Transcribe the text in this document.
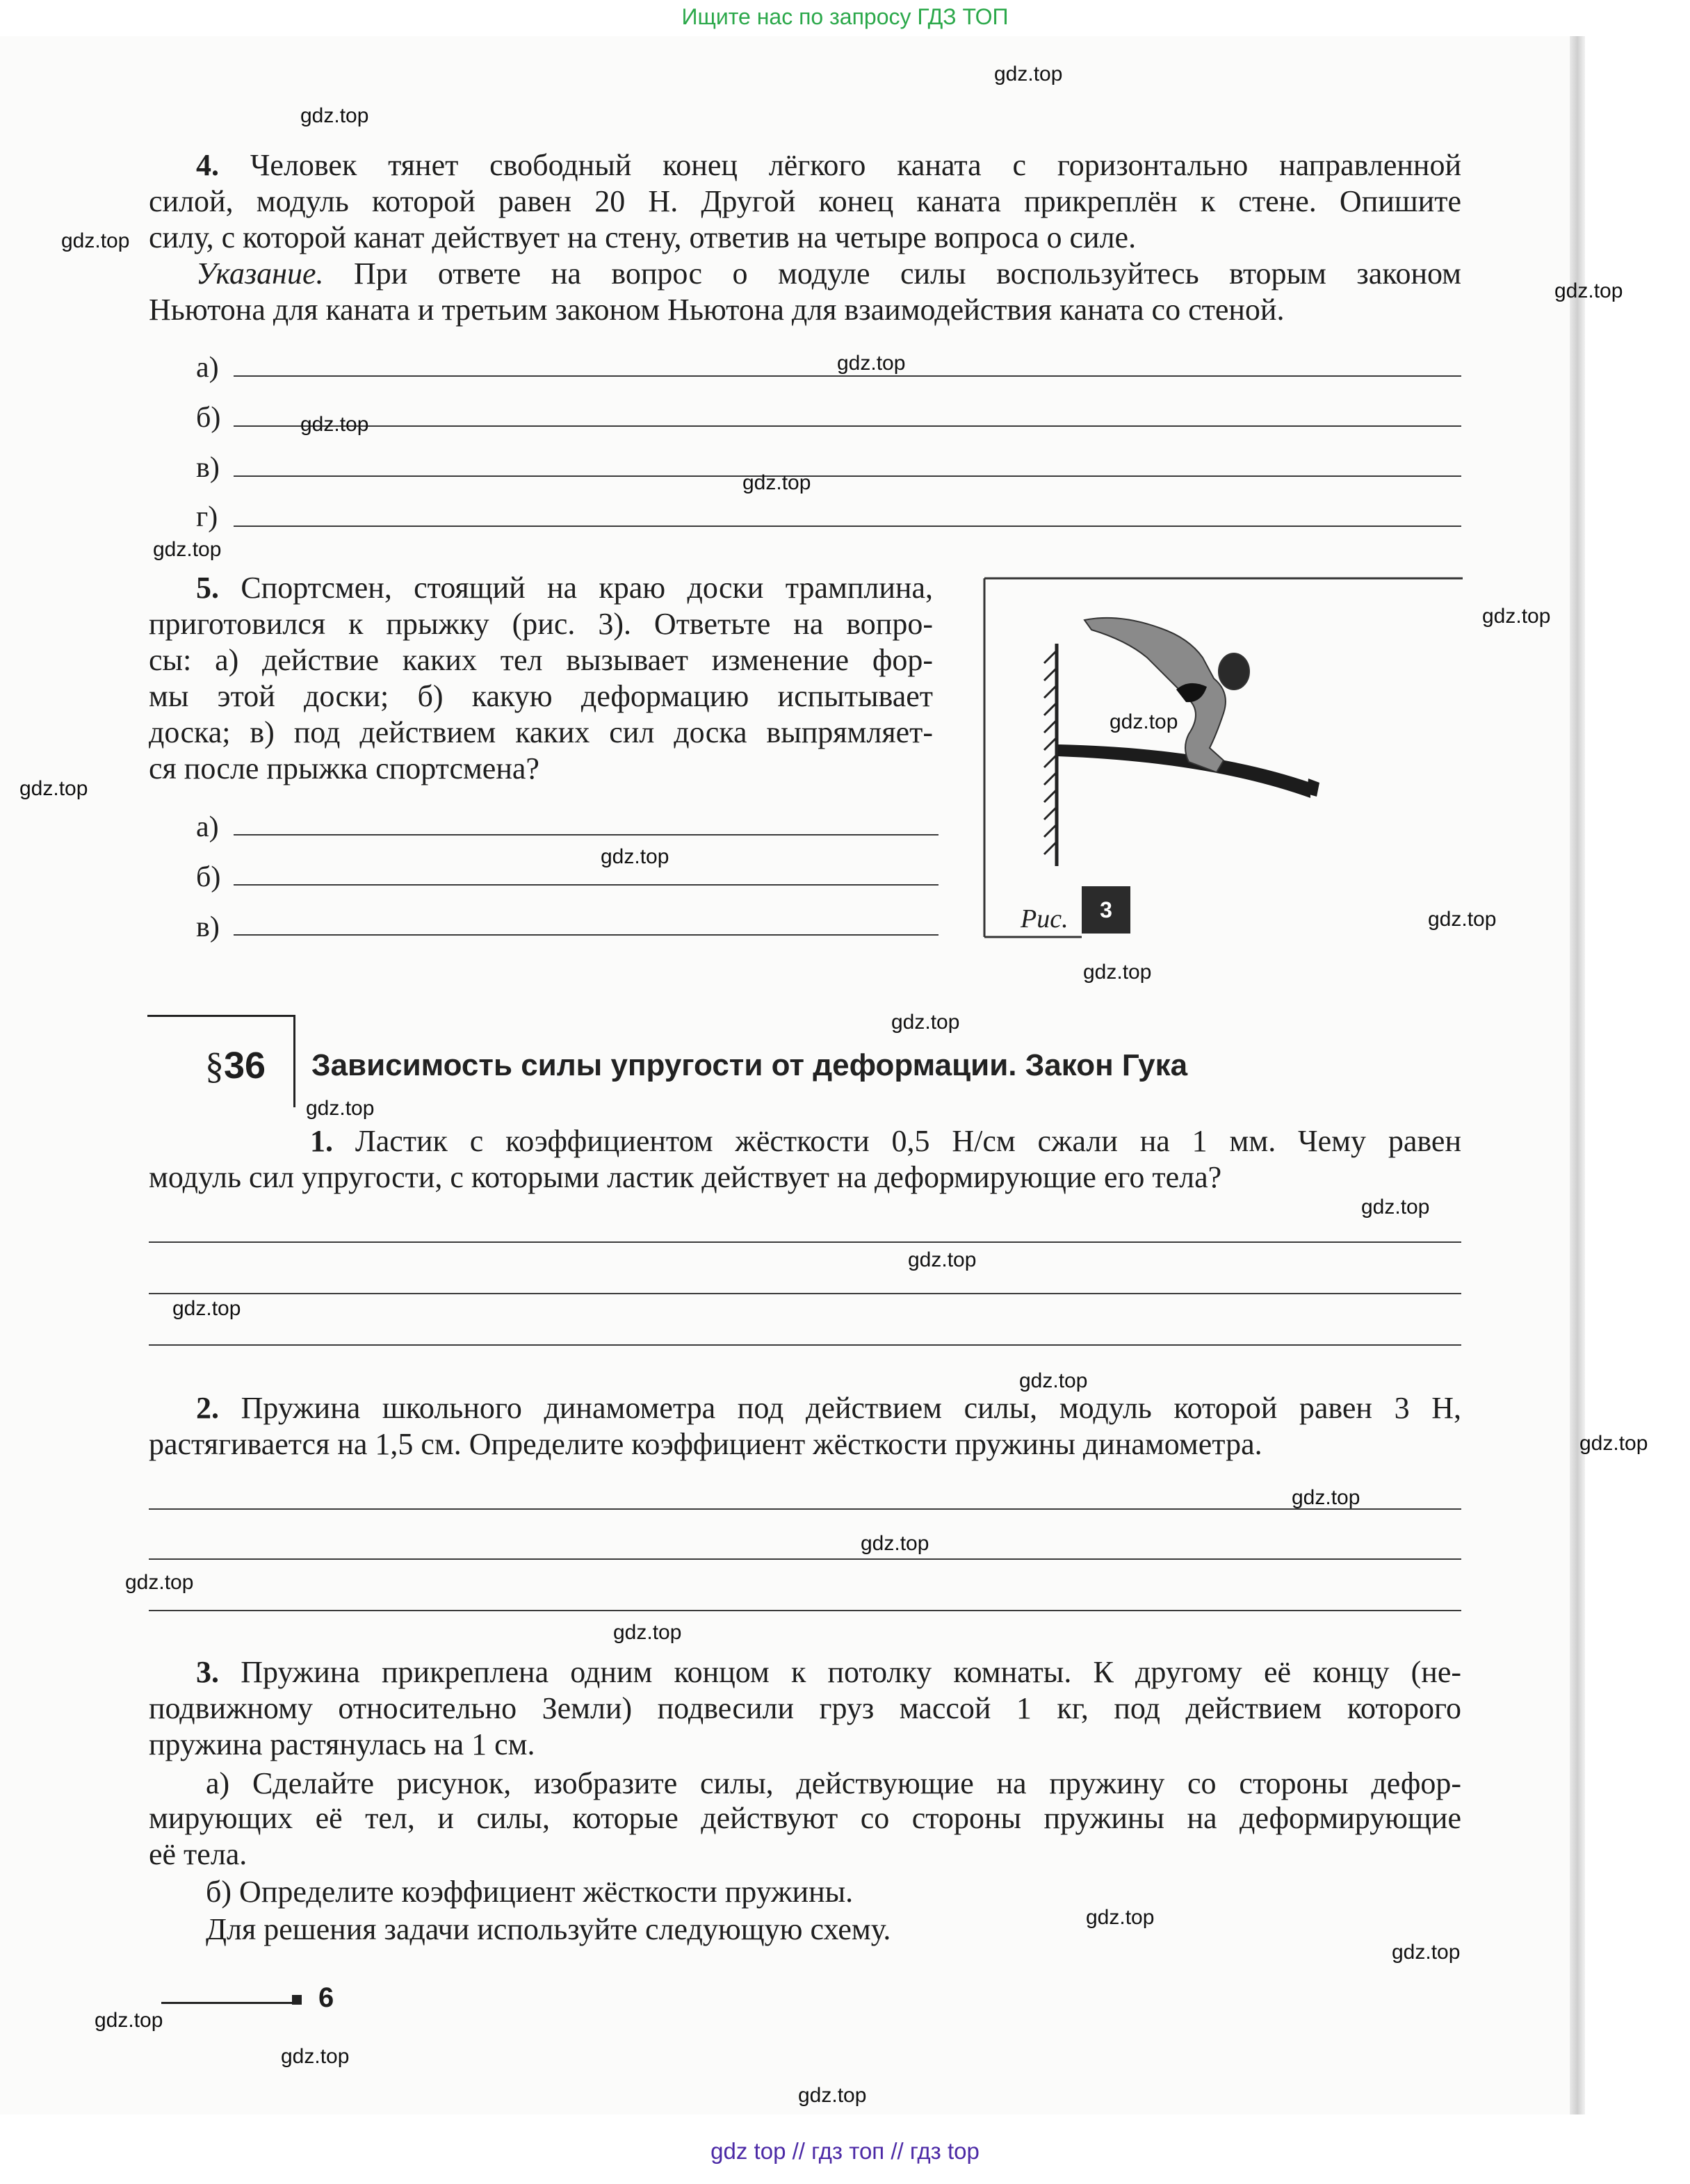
Ищите нас по запросу ГДЗ ТОП
4. Человек тянет свободный конец лёгкого каната с горизонтально направленной
силой, модуль которой равен 20 Н. Другой конец каната прикреплён к стене. Опишите
силу, с которой канат действует на стену, ответив на четыре вопроса о силе.
Указание. При ответе на вопрос о модуле силы воспользуйтесь вторым законом
Ньютона для каната и третьим законом Ньютона для взаимодействия каната со стеной.
а)
б)
в)
г)
5. Спортсмен, стоящий на краю доски трамплина,
приготовился к прыжку (рис. 3). Ответьте на вопро-
сы: а) действие каких тел вызывает изменение фор-
мы этой доски; б) какую деформацию испытывает
доска; в) под действием каких сил доска выпрямляет-
ся после прыжка спортсмена?
а)
б)
в)	Рис.	3
§36 Зависимость силы упругости от деформации. Закон Гука
1. Ластик с коэффициентом жёсткости 0,5 Н/см сжали на 1 мм. Чему равен
модуль сил упругости, с которыми ластик действует на деформирующие его тела?
2. Пружина школьного динамометра под действием силы, модуль которой равен 3 Н,
растягивается на 1,5 см. Определите коэффициент жёсткости пружины динамометра.
3. Пружина прикреплена одним концом к потолку комнаты. К другому её концу (не-
подвижному относительно Земли) подвесили груз массой 1 кг, под действием которого
пружина растянулась на 1 см.
а) Сделайте рисунок, изобразите силы, действующие на пружину со стороны дефор-
мирующих её тел, и силы, которые действуют со стороны пружины на деформирующие
её тела.
б) Определите коэффициент жёсткости пружины.
Для решения задачи используйте следующую схему.
6
gdz.top
gdz.top
gdz.top
gdz.top
gdz.top
gdz.top
gdz.top
gdz.top
gdz.top
gdz.top
gdz.top
gdz.top
gdz.top
gdz.top
gdz.top
gdz.top
gdz.top
gdz.top
gdz.top
gdz.top
gdz.top
gdz.top
gdz.top
gdz.top
gdz.top
gdz.top
gdz.top
gdz.top
gdz.top
gdz.top
gdz top // гдз топ // гдз top
